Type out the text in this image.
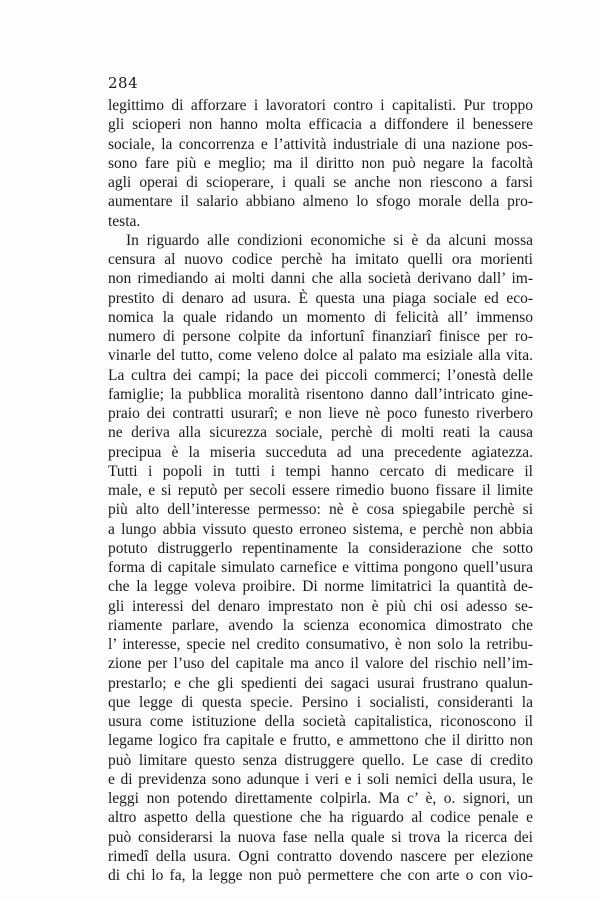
284
legittimo di afforzare i lavoratori contro i capitalisti. Pur troppo
gli scioperi non hanno molta efficacia a diffondere il benessere
sociale, la concorrenza e l’attività industriale di una nazione pos-
sono fare più e meglio; ma il diritto non può negare la facoltà
agli operai di scioperare, i quali se anche non riescono a farsi
aumentare il salario abbiano almeno lo sfogo morale della pro-
testa.
In riguardo alle condizioni economiche si è da alcuni mossa
censura al nuovo codice perchè ha imitato quelli ora morienti
non rimediando ai molti danni che alla società derivano dall’ im-
prestito di denaro ad usura. È questa una piaga sociale ed eco-
nomica la quale ridando un momento di felicità all’ immenso
numero di persone colpite da infortunî finanziarî finisce per ro-
vinarle del tutto, come veleno dolce al palato ma esiziale alla vita.
La cultra dei campi; la pace dei piccoli commerci; l’onestà delle
famiglie; la pubblica moralità risentono danno dall’intricato gine-
praio dei contratti usurarî; e non lieve nè poco funesto riverbero
ne deriva alla sicurezza sociale, perchè di molti reati la causa
precipua è la miseria succeduta ad una precedente agiatezza.
Tutti i popoli in tutti i tempi hanno cercato di medicare il
male, e si reputò per secoli essere rimedio buono fissare il limite
più alto dell’interesse permesso: nè è cosa spiegabile perchè si
a lungo abbia vissuto questo erroneo sistema, e perchè non abbia
potuto distruggerlo repentinamente la considerazione che sotto
forma di capitale simulato carnefice e vittima pongono quell’usura
che la legge voleva proibire. Di norme limitatrici la quantità de-
gli interessi del denaro imprestato non è più chi osi adesso se-
riamente parlare, avendo la scienza economica dimostrato che
l’ interesse, specie nel credito consumativo, è non solo la retribu-
zione per l’uso del capitale ma anco il valore del rischio nell’im-
prestarlo; e che gli spedienti dei sagaci usurai frustrano qualun-
que legge di questa specie. Persino i socialisti, consideranti la
usura come istituzione della società capitalistica, riconoscono il
legame logico fra capitale e frutto, e ammettono che il diritto non
può limitare questo senza distruggere quello. Le case di credito
e di previdenza sono adunque i veri e i soli nemici della usura, le
leggi non potendo direttamente colpirla. Ma c’ è, o. signori, un
altro aspetto della questione che ha riguardo al codice penale e
può considerarsi la nuova fase nella quale si trova la ricerca dei
rimedî della usura. Ogni contratto dovendo nascere per elezione
di chi lo fa, la legge non può permettere che con arte o con vio-
